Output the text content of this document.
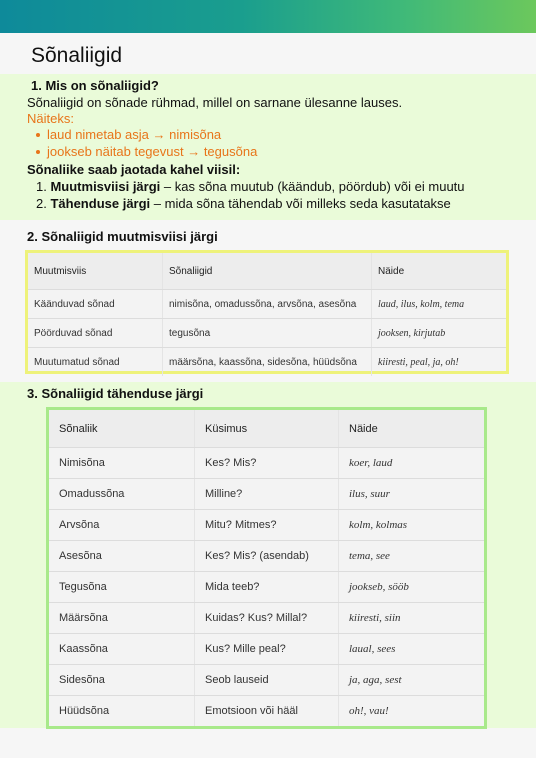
Sõnaliigid
1. Mis on sõnaliigid?
Sõnaliigid on sõnade rühmad, millel on sarnane ülesanne lauses.
Näiteks:
laud nimetab asja → nimisõna
jookseb näitab tegevust → tegusõna
Sõnaliike saab jaotada kahel viisil:
1. Muutmisviisi järgi – kas sõna muutub (käändub, pöördub) või ei muutu
2. Tähenduse järgi – mida sõna tähendab või milleks seda kasutatakse
2. Sõnaliigid muutmisviisi järgi
Muutmisviis	Sõnaliigid	Näide
Käänduvad sõnad	nimisõna, omadussõna, arvsõna, asesõna	laud, ilus, kolm, tema
Pöörduvad sõnad	tegusõna	jooksen, kirjutab
Muutumatud sõnad	määrsõna, kaassõna, sidesõna, hüüdsõna	kiiresti, peal, ja, oh!
3. Sõnaliigid tähenduse järgi
Sõnaliik	Küsimus	Näide
Nimisõna	Kes? Mis?	koer, laud
Omadussõna	Milline?	ilus, suur
Arvsõna	Mitu? Mitmes?	kolm, kolmas
Asesõna	Kes? Mis? (asendab)	tema, see
Tegusõna	Mida teeb?	jookseb, sööb
Määrsõna	Kuidas? Kus? Millal?	kiiresti, siin
Kaassõna	Kus? Mille peal?	laual, sees
Sidesõna	Seob lauseid	ja, aga, sest
Hüüdsõna	Emotsioon või hääl	oh!, vau!
